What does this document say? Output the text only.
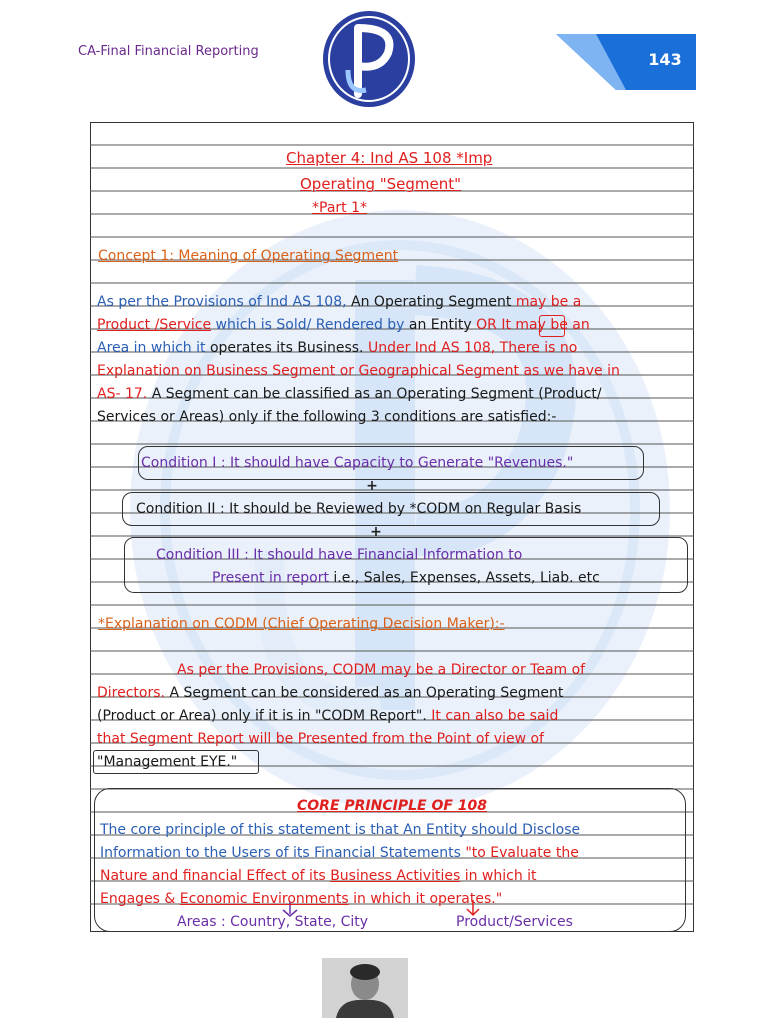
CA-Final Financial Reporting	143
Chapter 4: Ind AS 108 *Imp
Operating "Segment"
*Part 1*
Concept 1: Meaning of Operating Segment
+
+
*Explanation on CODM (Chief Operating Decision Maker):-
CORE PRINCIPLE OF 108
Areas : Country, State, City	Product/Services
As per the Provisions of Ind AS 108, An Operating Segment may be a
Product /Service which is Sold/ Rendered by an Entity OR It may be an
Area in which it operates its Business. Under Ind AS 108, There is no
Explanation on Business Segment or Geographical Segment as we have in
AS- 17. A Segment can be classified as an Operating Segment (Product/
Services or Areas) only if the following 3 conditions are satisfied:-
Condition I : It should have Capacity to Generate "Revenues."
Condition II : It should be Reviewed by *CODM on Regular Basis
Condition III : It should have Financial Information to
Present in report i.e., Sales, Expenses, Assets, Liab. etc
As per the Provisions, CODM may be a Director or Team of
Directors. A Segment can be considered as an Operating Segment
(Product or Area) only if it is in "CODM Report". It can also be said
that Segment Report will be Presented from the Point of view of
"Management EYE."
The core principle of this statement is that An Entity should Disclose
Information to the Users of its Financial Statements "to Evaluate the
Nature and financial Effect of its Business Activities in which it
Engages & Economic Environments in which it operates."
